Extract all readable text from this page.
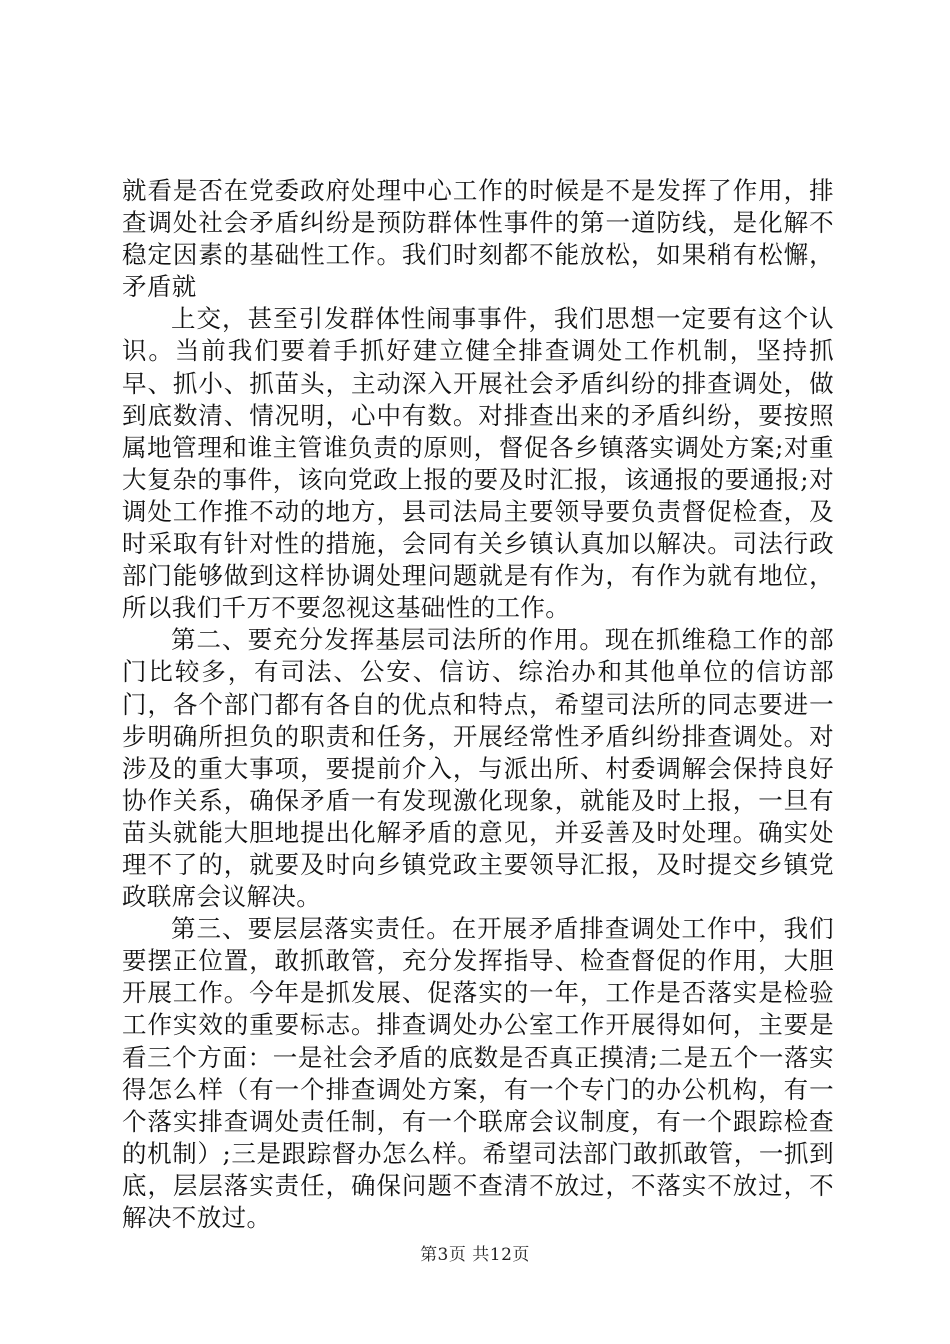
就看是否在党委政府处理中心工作的时候是不是发挥了作用，排查调处社会矛盾纠纷是预防群体性事件的第一道防线，是化解不稳定因素的基础性工作。我们时刻都不能放松，如果稍有松懈，矛盾就

上交，甚至引发群体性闹事事件，我们思想一定要有这个认识。当前我们要着手抓好建立健全排查调处工作机制，坚持抓早、抓小、抓苗头，主动深入开展社会矛盾纠纷的排查调处，做到底数清、情况明，心中有数。对排查出来的矛盾纠纷，要按照属地管理和谁主管谁负责的原则，督促各乡镇落实调处方案;对重大复杂的事件，该向党政上报的要及时汇报，该通报的要通报;对调处工作推不动的地方，县司法局主要领导要负责督促检查，及时采取有针对性的措施，会同有关乡镇认真加以解决。司法行政部门能够做到这样协调处理问题就是有作为，有作为就有地位，所以我们千万不要忽视这基础性的工作。

第二、要充分发挥基层司法所的作用。现在抓维稳工作的部门比较多，有司法、公安、信访、综治办和其他单位的信访部门，各个部门都有各自的优点和特点，希望司法所的同志要进一步明确所担负的职责和任务，开展经常性矛盾纠纷排查调处。对涉及的重大事项，要提前介入，与派出所、村委调解会保持良好协作关系，确保矛盾一有发现激化现象，就能及时上报，一旦有苗头就能大胆地提出化解矛盾的意见，并妥善及时处理。确实处理不了的，就要及时向乡镇党政主要领导汇报，及时提交乡镇党政联席会议解决。

第三、要层层落实责任。在开展矛盾排查调处工作中，我们要摆正位置，敢抓敢管，充分发挥指导、检查督促的作用，大胆开展工作。今年是抓发展、促落实的一年，工作是否落实是检验工作实效的重要标志。排查调处办公室工作开展得如何，主要是看三个方面：一是社会矛盾的底数是否真正摸清;二是五个一落实得怎么样（有一个排查调处方案，有一个专门的办公机构，有一个落实排查调处责任制，有一个联席会议制度，有一个跟踪检查的机制）;三是跟踪督办怎么样。希望司法部门敢抓敢管，一抓到底，层层落实责任，确保问题不查清不放过，不落实不放过，不解决不放过。

第3页 共12页
